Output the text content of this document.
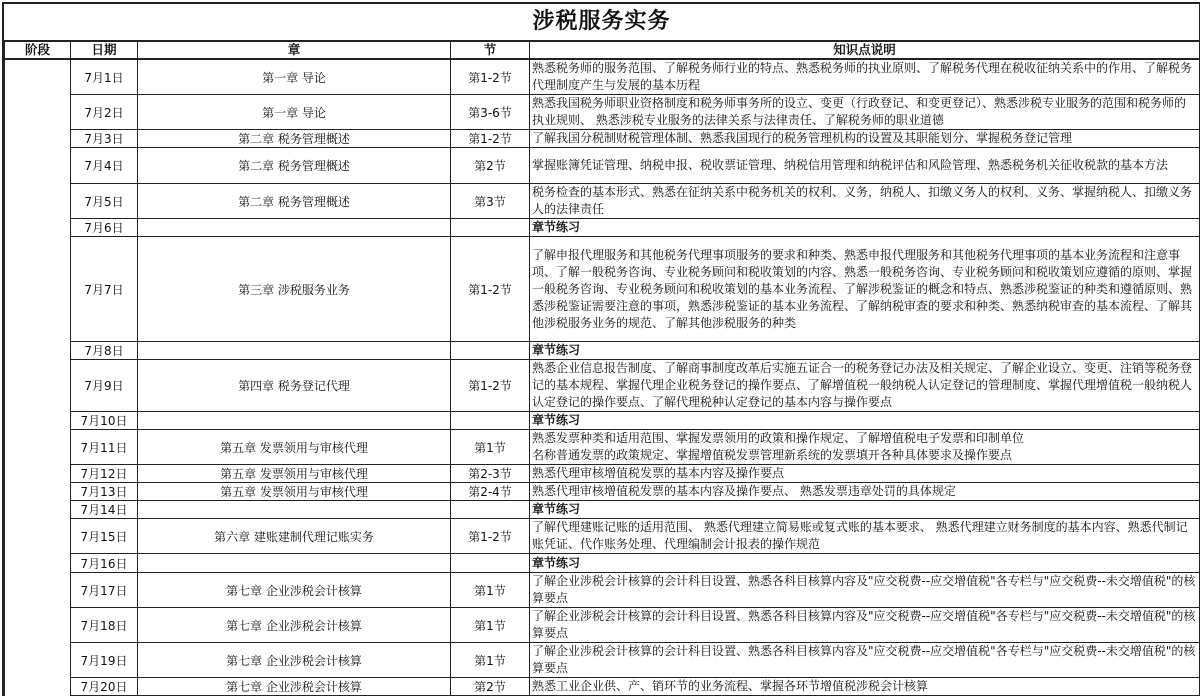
涉税服务实务
阶段	日期	章	节	知识点说明
	7月1日	第一章 导论	第1-2节	熟悉税务师的服务范围、了解税务师行业的特点、熟悉税务师的执业原则、了解税务代理在税收征纳关系中的作用、了解税务代理制度产生与发展的基本历程
	7月2日	第一章 导论	第3-6节	熟悉我国税务师职业资格制度和税务师事务所的设立、变更（行政登记、和变更登记）、熟悉涉税专业服务的范围和税务师的执业规则、 熟悉涉税专业服务的法律关系与法律责任、了解税务师的职业道德
	7月3日	第二章 税务管理概述	第1-2节	了解我国分税制财税管理体制、熟悉我国现行的税务管理机构的设置及其职能划分、掌握税务登记管理
	7月4日	第二章 税务管理概述	第2节	掌握账簿凭证管理、纳税申报、税收票证管理、纳税信用管理和纳税评估和风险管理、熟悉税务机关征收税款的基本方法
	7月5日	第二章 税务管理概述	第3节	税务检查的基本形式、熟悉在征纳关系中税务机关的权利、义务，纳税人、扣缴义务人的权利、义务、掌握纳税人、扣缴义务人的法律责任
	7月6日			章节练习
	7月7日	第三章 涉税服务业务	第1-2节	了解申报代理服务和其他税务代理事项服务的要求和种类、熟悉申报代理服务和其他税务代理事项的基本业务流程和注意事项、了解一般税务咨询、专业税务顾问和税收策划的内容、熟悉一般税务咨询、专业税务顾问和税收策划应遵循的原则、掌握一般税务咨询、专业税务顾问和税收策划的基本业务流程、了解涉税鉴证的概念和特点、熟悉涉税鉴证的种类和遵循原则、熟悉涉税鉴证需要注意的事项，熟悉涉税鉴证的基本业务流程、了解纳税审查的要求和种类、熟悉纳税审查的基本流程、了解其他涉税服务业务的规范、了解其他涉税服务的种类
	7月8日			章节练习
	7月9日	第四章 税务登记代理	第1-2节	熟悉企业信息报告制度、了解商事制度改革后实施五证合一的税务登记办法及相关规定、了解企业设立、变更、注销等税务登记的基本规程、掌握代理企业税务登记的操作要点、了解增值税一般纳税人认定登记的管理制度、掌握代理增值税一般纳税人认定登记的操作要点、了解代理税种认定登记的基本内容与操作要点
	7月10日			章节练习
	7月11日	第五章 发票领用与审核代理	第1节	熟悉发票种类和适用范围、掌握发票领用的政策和操作规定、了解增值税电子发票和印制单位
名称普通发票的政策规定、掌握增值税发票管理新系统的发票填开各种具体要求及操作要点
	7月12日	第五章 发票领用与审核代理	第2-3节	熟悉代理审核增值税发票的基本内容及操作要点
	7月13日	第五章 发票领用与审核代理	第2-4节	熟悉代理审核增值税发票的基本内容及操作要点、 熟悉发票违章处罚的具体规定
	7月14日			章节练习
	7月15日	第六章 建账建制代理记账实务	第1-2节	了解代理建账记账的适用范围、 熟悉代理建立简易账或复式账的基本要求、 熟悉代理建立财务制度的基本内容、熟悉代制记账凭证、代作账务处理、代理编制会计报表的操作规范
	7月16日			章节练习
	7月17日	第七章 企业涉税会计核算	第1节	了解企业涉税会计核算的会计科目设置、熟悉各科目核算内容及"应交税费--应交增值税"各专栏与"应交税费--未交增值税"的核算要点
	7月18日	第七章 企业涉税会计核算	第1节	了解企业涉税会计核算的会计科目设置、熟悉各科目核算内容及"应交税费--应交增值税"各专栏与"应交税费--未交增值税"的核算要点
	7月19日	第七章 企业涉税会计核算	第1节	了解企业涉税会计核算的会计科目设置、熟悉各科目核算内容及"应交税费--应交增值税"各专栏与"应交税费--未交增值税"的核算要点
	7月20日	第七章 企业涉税会计核算	第2节	熟悉工业企业供、产、销环节的业务流程、掌握各环节增值税涉税会计核算
